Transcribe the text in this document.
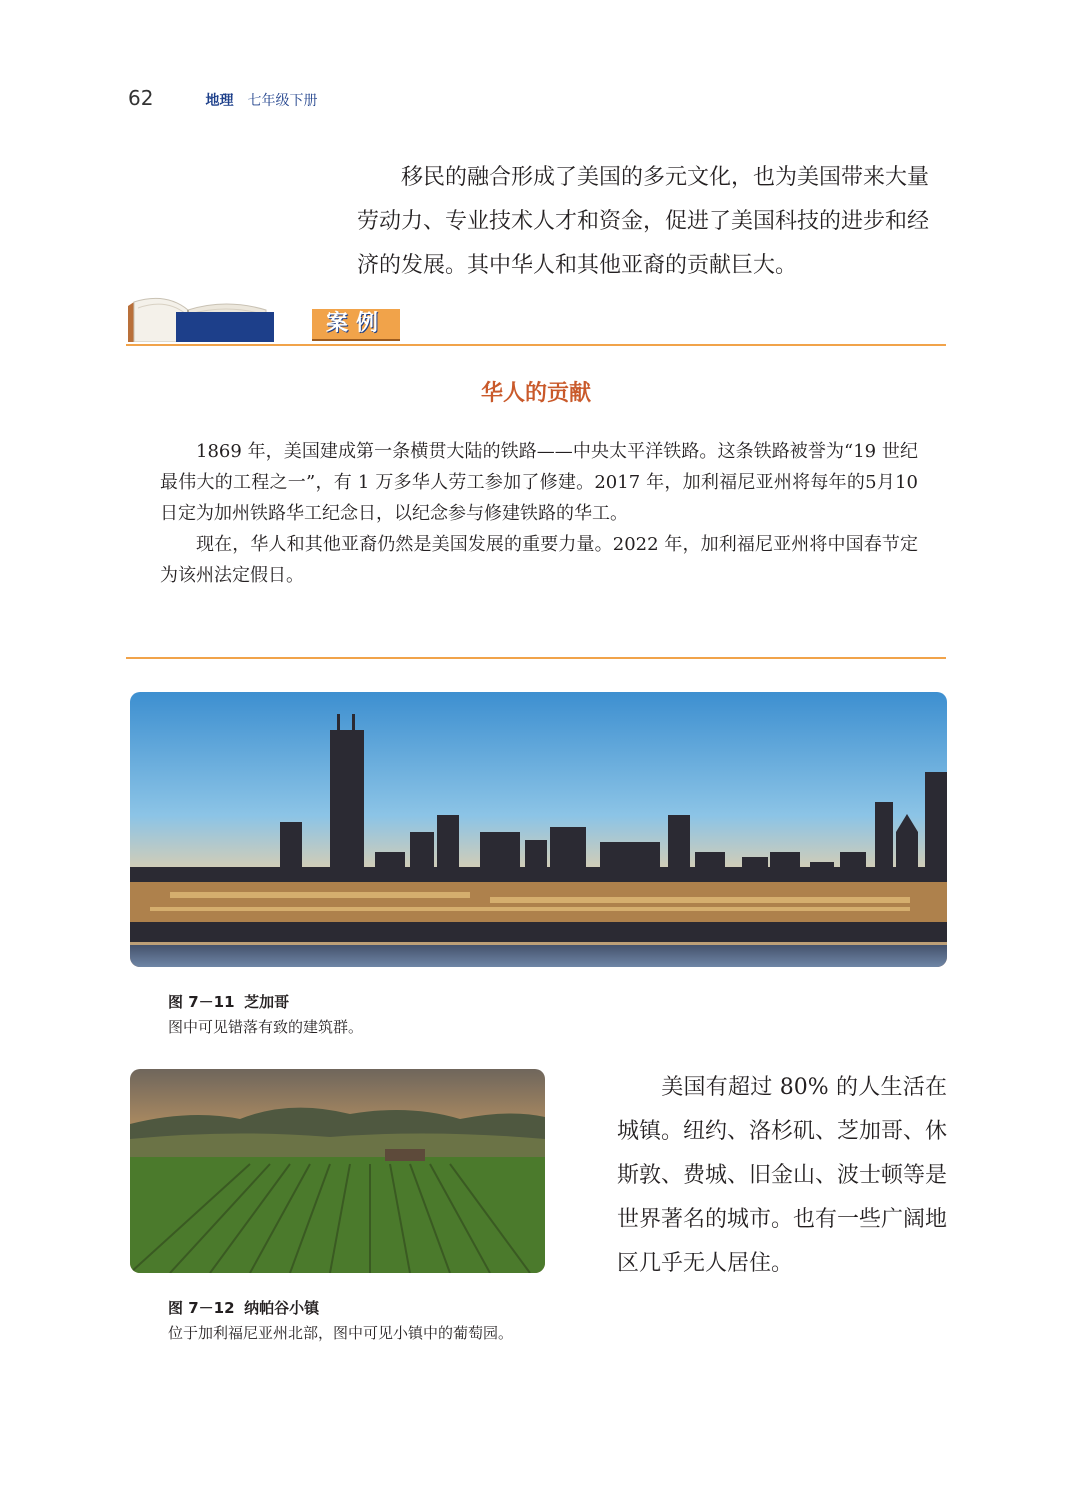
62	地理 七年级下册

移民的融合形成了美国的多元文化，也为美国带来大量劳动力、专业技术人才和资金，促进了美国科技的进步和经济的发展。其中华人和其他亚裔的贡献巨大。

案例
华人的贡献

1869 年，美国建成第一条横贯大陆的铁路——中央太平洋铁路。这条铁路被誉为“19 世纪最伟大的工程之一”，有 1 万多华人劳工参加了修建。2017 年，加利福尼亚州将每年的5月10日定为加州铁路华工纪念日，以纪念参与修建铁路的华工。

现在，华人和其他亚裔仍然是美国发展的重要力量。2022 年，加利福尼亚州将中国春节定为该州法定假日。

图 7－11 芝加哥
图中可见错落有致的建筑群。

美国有超过 80% 的人生活在城镇。纽约、洛杉矶、芝加哥、休斯敦、费城、旧金山、波士顿等是世界著名的城市。也有一些广阔地区几乎无人居住。

图 7－12 纳帕谷小镇
位于加利福尼亚州北部，图中可见小镇中的葡萄园。
